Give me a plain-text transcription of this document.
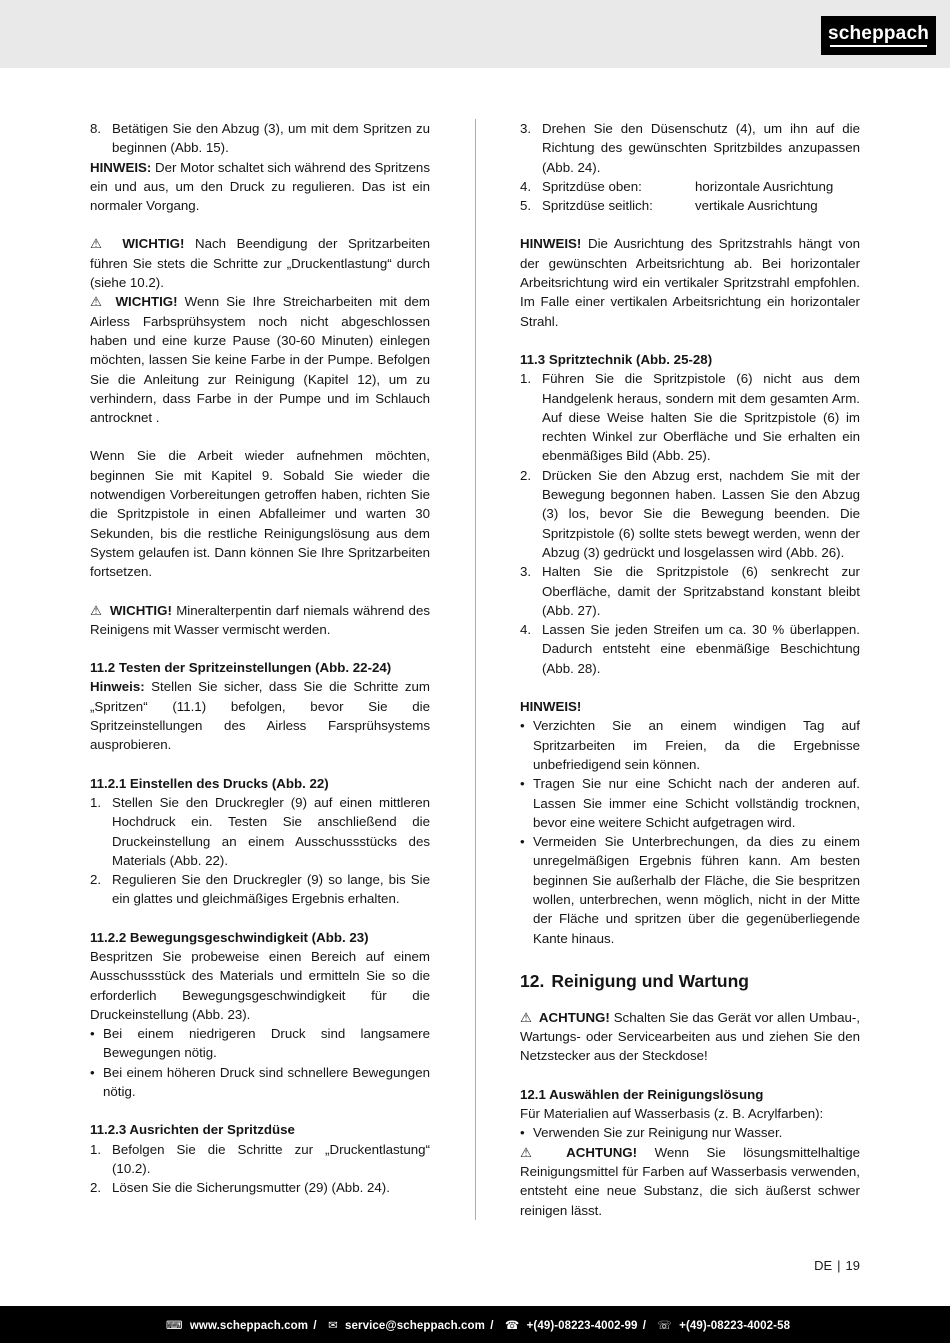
scheppach
8. Betätigen Sie den Abzug (3), um mit dem Spritzen zu beginnen (Abb. 15).

HINWEIS: Der Motor schaltet sich während des Spritzens ein und aus, um den Druck zu regulieren. Das ist ein normaler Vorgang.

⚠ WICHTIG! Nach Beendigung der Spritzarbeiten führen Sie stets die Schritte zur „Druckentlastung“ durch (siehe 10.2).

⚠ WICHTIG! Wenn Sie Ihre Streicharbeiten mit dem Airless Farbsprühsystem noch nicht abgeschlossen haben und eine kurze Pause (30-60 Minuten) einlegen möchten, lassen Sie keine Farbe in der Pumpe. Befolgen Sie die Anleitung zur Reinigung (Kapitel 12), um zu verhindern, dass Farbe in der Pumpe und im Schlauch antrocknet .

Wenn Sie die Arbeit wieder aufnehmen möchten, beginnen Sie mit Kapitel 9. Sobald Sie wieder die notwendigen Vorbereitungen getroffen haben, richten Sie die Spritzpistole in einen Abfalleimer und warten 30 Sekunden, bis die restliche Reinigungslösung aus dem System gelaufen ist. Dann können Sie Ihre Spritzarbeiten fortsetzen.

⚠ WICHTIG! Mineralterpentin darf niemals während des Reinigens mit Wasser vermischt werden.

11.2 Testen der Spritzeinstellungen (Abb. 22-24)

Hinweis: Stellen Sie sicher, dass Sie die Schritte zum „Spritzen“ (11.1) befolgen, bevor Sie die Spritzeinstellungen des Airless Farsprühsystems ausprobieren.

11.2.1 Einstellen des Drucks (Abb. 22)
1. Stellen Sie den Druckregler (9) auf einen mittleren Hochdruck ein. Testen Sie anschließend die Druckeinstellung an einem Ausschussstücks des Materials (Abb. 22).
2. Regulieren Sie den Druckregler (9) so lange, bis Sie ein glattes und gleichmäßiges Ergebnis erhalten.
11.2.2 Bewegungsgeschwindigkeit (Abb. 23)

Bespritzen Sie probeweise einen Bereich auf einem Ausschussstück des Materials und ermitteln Sie so die erforderlich Bewegungsgeschwindigkeit für die Druckeinstellung (Abb. 23).

• Bei einem niedrigeren Druck sind langsamere Bewegungen nötig.
• Bei einem höheren Druck sind schnellere Bewegungen nötig.
11.2.3 Ausrichten der Spritzdüse
1. Befolgen Sie die Schritte zur „Druckentlastung“ (10.2).
2. Lösen Sie die Sicherungsmutter (29) (Abb. 24).
3. Drehen Sie den Düsenschutz (4), um ihn auf die Richtung des gewünschten Spritzbildes anzupassen (Abb. 24).
4. Spritzdüse oben:	horizontale Ausrichtung
5. Spritzdüse seitlich:	vertikale Ausrichtung

HINWEIS! Die Ausrichtung des Spritzstrahls hängt von der gewünschten Arbeitsrichtung ab. Bei horizontaler Arbeitsrichtung wird ein vertikaler Spritzstrahl empfohlen. Im Falle einer vertikalen Arbeitsrichtung ein horizontaler Strahl.

11.3 Spritztechnik (Abb. 25-28)
1. Führen Sie die Spritzpistole (6) nicht aus dem Handgelenk heraus, sondern mit dem gesamten Arm. Auf diese Weise halten Sie die Spritzpistole (6) im rechten Winkel zur Oberfläche und Sie erhalten ein ebenmäßiges Bild (Abb. 25).
2. Drücken Sie den Abzug erst, nachdem Sie mit der Bewegung begonnen haben. Lassen Sie den Abzug (3) los, bevor Sie die Bewegung beenden. Die Spritzpistole (6) sollte stets bewegt werden, wenn der Abzug (3) gedrückt und losgelassen wird (Abb. 26).
3. Halten Sie die Spritzpistole (6) senkrecht zur Oberfläche, damit der Spritzabstand konstant bleibt (Abb. 27).
4. Lassen Sie jeden Streifen um ca. 30 % überlappen. Dadurch entsteht eine ebenmäßige Beschichtung (Abb. 28).
HINWEIS!
• Verzichten Sie an einem windigen Tag auf Spritzarbeiten im Freien, da die Ergebnisse unbefriedigend sein können.
• Tragen Sie nur eine Schicht nach der anderen auf. Lassen Sie immer eine Schicht vollständig trocknen, bevor eine weitere Schicht aufgetragen wird.
• Vermeiden Sie Unterbrechungen, da dies zu einem unregelmäßigen Ergebnis führen kann. Am besten beginnen Sie außerhalb der Fläche, die Sie bespritzen wollen, unterbrechen, wenn möglich, nicht in der Mitte der Fläche und spritzen über die gegenüberliegende Kante hinaus.
12. Reinigung und Wartung

⚠ ACHTUNG! Schalten Sie das Gerät vor allen Umbau-, Wartungs- oder Servicearbeiten aus und ziehen Sie den Netzstecker aus der Steckdose!

12.1 Auswählen der Reinigungslösung

Für Materialien auf Wasserbasis (z. B. Acrylfarben):

• Verwenden Sie zur Reinigung nur Wasser.

⚠ ACHTUNG! Wenn Sie lösungsmittelhaltige Reinigungsmittel für Farben auf Wasserbasis verwenden, entsteht eine neue Substanz, die sich äußerst schwer reinigen lässt.

DE | 19
⌨ www.scheppach.com / ✉ service@scheppach.com / ☎ +(49)-08223-4002-99 / ☏ +(49)-08223-4002-58
